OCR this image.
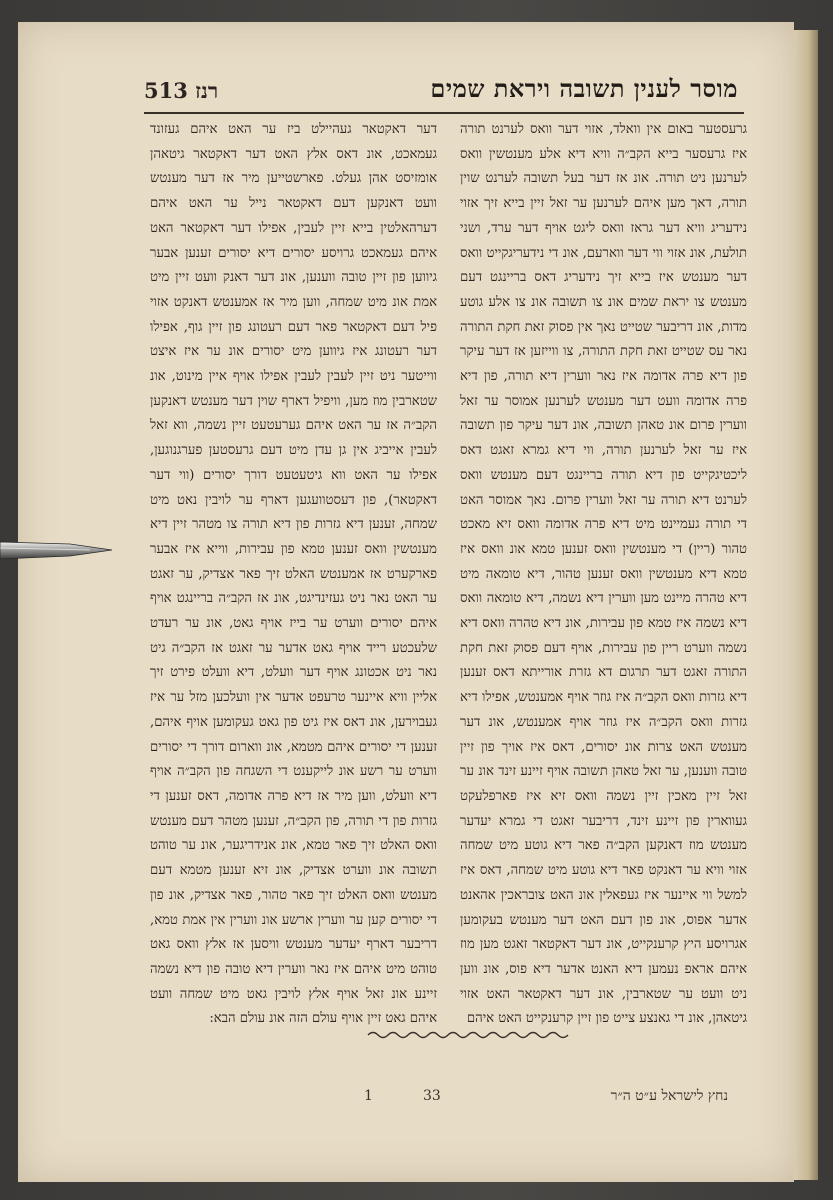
513 רנז	מוסר לענין תשובה ויראת שמים

גרעסטער באום אין וואלד, אזוי דער וואס לערנט תורה איז גרעסער בייא הקב״ה וויא דיא אלע מענטשין וואס לערנען ניט תורה. אונ אז דער בעל תשובה לערנט שוין תורה, דאך מען איהם לערנען ער זאל זיין בייא זיך אזוי נידעריג וויא דער גראז וואס ליגט אויף דער ערד, ושני תולעת, אונ אזוי ווי דער ווארעם, אונ די נידעריגקייט וואס דער מענטש איז בייא זיך נידעריג דאס בריינגט דעם מענטש צו יראת שמים אונ צו תשובה אונ צו אלע גוטע מדות, אונ דריבער שטייט נאך אין פסוק זאת חקת התורה נאר עס שטייט זאת חקת התורה, צו ווייזען אז דער עיקר פון דיא פרה אדומה איז נאר ווערין דיא תורה, פון דיא פרה אדומה וועט דער מענטש לערנען אמוסר ער זאל ווערין פרום אונ טאהן תשובה, אונ דער עיקר פון תשובה איז ער זאל לערנען תורה, ווי דיא גמרא זאגט דאס ליכטיגקייט פון דיא תורה בריינגט דעם מענטש וואס לערנט דיא תורה ער זאל ווערין פרום. נאך אמוסר האט די תורה געמיינט מיט דיא פרה אדומה וואס זיא מאכט טהור (ריין) די מענטשין וואס זענען טמא אונ וואס איז טמא דיא מענטשין וואס זענען טהור, דיא טומאה מיט דיא טהרה מיינט מען ווערין דיא נשמה, דיא טומאה וואס דיא נשמה איז טמא פון עבירות, אונ דיא טהרה וואס דיא נשמה ווערט ריין פון עבירות, אויף דעם פסוק זאת חקת התורה זאגט דער תרגום דא גזרת אורייתא דאס זענען דיא גזרות וואס הקב״ה איז גוזר אויף אמענטש, אפילו דיא גזרות וואס הקב״ה איז גוזר אויף אמענטש, אונ דער מענטש האט צרות אונ יסורים, דאס איז אויך פון זיין טובה ווענען, ער זאל טאהן תשובה אויף זיינע זינד אונ ער זאל זיין מאכין זיין נשמה וואס זיא איז פארפלעקט געווארין פון זיינע זינד, דריבער זאגט די גמרא יעדער מענטש מוז דאנקען הקב״ה פאר דיא גוטע מיט שמחה אזוי וויא ער דאנקט פאר דיא גוטע מיט שמחה, דאס איז למשל ווי איינער איז געפאלין אונ האט צובראכין אהאנט אדער אפוס, אונ פון דעם האט דער מענטש בעקומען אגרויסע היץ קרענקייט, אונ דער דאקטאר זאגט מען מוז איהם אראפ נעמען דיא האנט אדער דיא פוס, אונ ווען ניט וועט ער שטארבין, אונ דער דאקטאר האט אזוי גיטאהן, אונ די גאנצע צייט פון זיין קרענקייט האט איהם

דער דאקטאר געהיילט ביז ער האט איהם געזונד געמאכט, אונ דאס אלץ האט דער דאקטאר גיטאהן אומזיסט אהן געלט. פארשטייען מיר אז דער מענטש וועט דאנקען דעם דאקטאר נייל ער האט איהם דערהאלטין בייא זיין לעבין, אפילו דער דאקטאר האט איהם געמאכט גרויסע יסורים דיא יסורים זענען אבער גיווען פון זיין טובה ווענען, אונ דער דאנק וועט זיין מיט אמת אונ מיט שמחה, ווען מיר אז אמענטש דאנקט אזוי פיל דעם דאקטאר פאר דעם רעטונג פון זיין גוף, אפילו דער רעטונג איז גיווען מיט יסורים אונ ער איז איצט ווייטער ניט זיין לעבין לעבין אפילו אויף איין מינוט, אונ שטארבין מוז מען, וויפיל דארף שוין דער מענטש דאנקען הקב״ה אז ער האט איהם גערעטעט זיין נשמה, ווא זאל לעבין אייביג אין גן עדן מיט דעם גרעסטען פערגנוגען, אפילו ער האט ווא גיטעטעט דורך יסורים (ווי דער דאקטאר), פון דעסטוועגען דארף ער לויבין נאט מיט שמחה, זענען דיא גזרות פון דיא תורה צו מטהר זיין דיא מענטשין וואס זענען טמא פון עבירות, ווייא איז אבער פארקערט אז אמענטש האלט זיך פאר אצדיק, ער זאגט ער האט נאר ניט געזינדיגט, אונ אז הקב״ה בריינגט אויף איהם יסורים ווערט ער בייז אויף גאט, אונ ער רעדט שלעכטע רייד אויף גאט אדער ער זאגט אז הקב״ה גיט נאר ניט אכטונג אויף דער וועלט, דיא וועלט פירט זיך אליין וויא איינער טרעפט אדער אין וועלכען מזל ער איז געבוירען, אונ דאס איז גיט פון גאט געקומען אויף איהם, זענען די יסורים איהם מטמא, אונ ווארום דורך די יסורים ווערט ער רשע אונ לייקענט די השגחה פון הקב״ה אויף דיא וועלט, ווען מיר אז דיא פרה אדומה, דאס זענען די גזרות פון די תורה, פון הקב״ה, זענען מטהר דעם מענטש וואס האלט זיך פאר טמא, אונ אנידריגער, אונ ער טוהט תשובה אונ ווערט אצדיק, אונ זיא זענען מטמא דעם מענטש וואס האלט זיך פאר טהור, פאר אצדיק, אונ פון די יסורים קען ער ווערין ארשע אונ ווערין אין אמת טמא, דריבער דארף יעדער מענטש וויסען אז אלץ וואס גאט טוהט מיט איהם איז נאר ווערין דיא טובה פון דיא נשמה זיינע אונ זאל אויף אלץ לויבין גאט מיט שמחה וועט איהם גאט זיין אויף עולם הזה אונ עולם הבא:

1	33	נחץ לישראל ע״ט ה״ר
